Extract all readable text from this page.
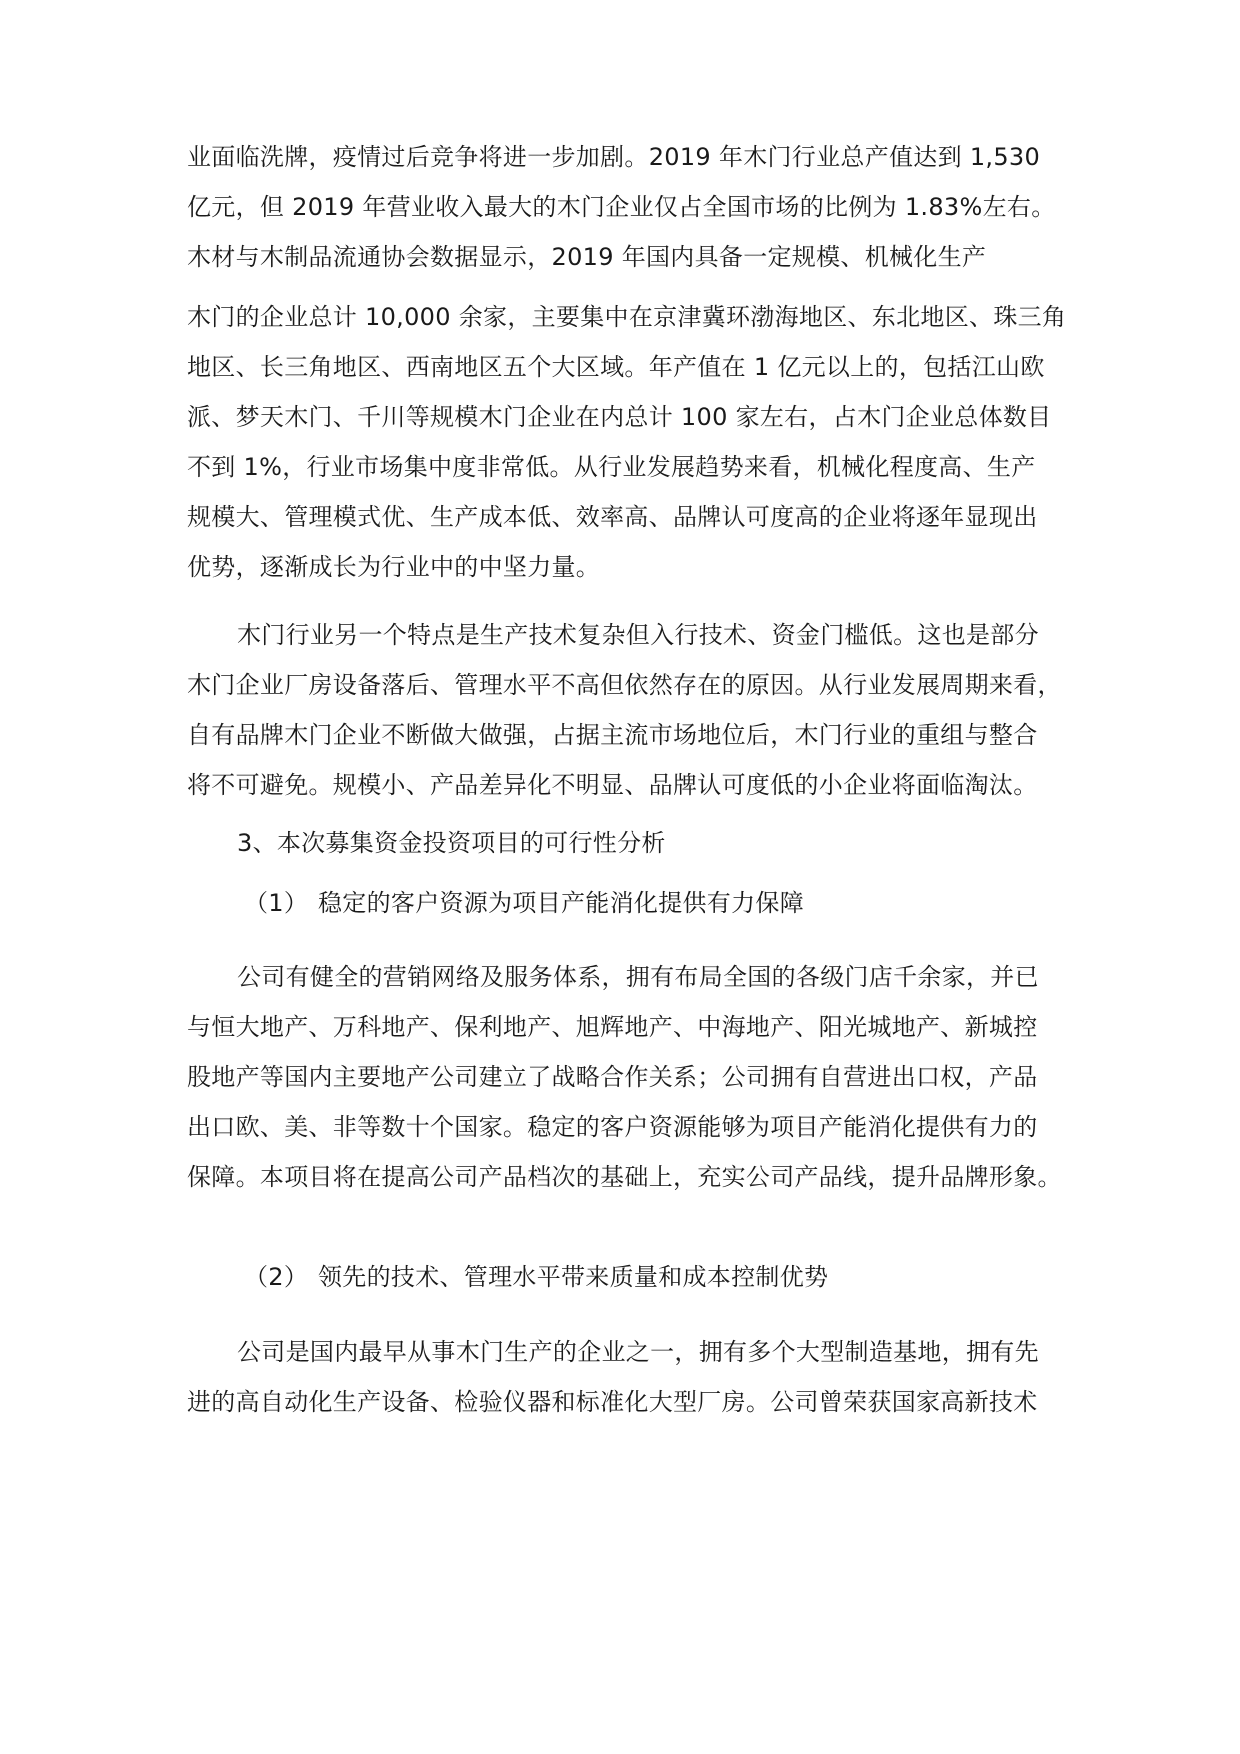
业面临洗牌，疫情过后竞争将进一步加剧。2019 年木门行业总产值达到 1,530
亿元，但 2019 年营业收入最大的木门企业仅占全国市场的比例为 1.83%左右。
木材与木制品流通协会数据显示，2019 年国内具备一定规模、机械化生产
木门的企业总计 10,000 余家，主要集中在京津冀环渤海地区、东北地区、珠三角
地区、长三角地区、西南地区五个大区域。年产值在 1 亿元以上的，包括江山欧
派、梦天木门、千川等规模木门企业在内总计 100 家左右，占木门企业总体数目
不到 1%，行业市场集中度非常低。从行业发展趋势来看，机械化程度高、生产
规模大、管理模式优、生产成本低、效率高、品牌认可度高的企业将逐年显现出
优势，逐渐成长为行业中的中坚力量。
木门行业另一个特点是生产技术复杂但入行技术、资金门槛低。这也是部分
木门企业厂房设备落后、管理水平不高但依然存在的原因。从行业发展周期来看，
自有品牌木门企业不断做大做强，占据主流市场地位后，木门行业的重组与整合
将不可避免。规模小、产品差异化不明显、品牌认可度低的小企业将面临淘汰。
3、本次募集资金投资项目的可行性分析
（1） 稳定的客户资源为项目产能消化提供有力保障
公司有健全的营销网络及服务体系，拥有布局全国的各级门店千余家，并已
与恒大地产、万科地产、保利地产、旭辉地产、中海地产、阳光城地产、新城控
股地产等国内主要地产公司建立了战略合作关系；公司拥有自营进出口权，产品
出口欧、美、非等数十个国家。稳定的客户资源能够为项目产能消化提供有力的
保障。本项目将在提高公司产品档次的基础上，充实公司产品线，提升品牌形象。
（2） 领先的技术、管理水平带来质量和成本控制优势
公司是国内最早从事木门生产的企业之一，拥有多个大型制造基地，拥有先
进的高自动化生产设备、检验仪器和标准化大型厂房。公司曾荣获国家高新技术
